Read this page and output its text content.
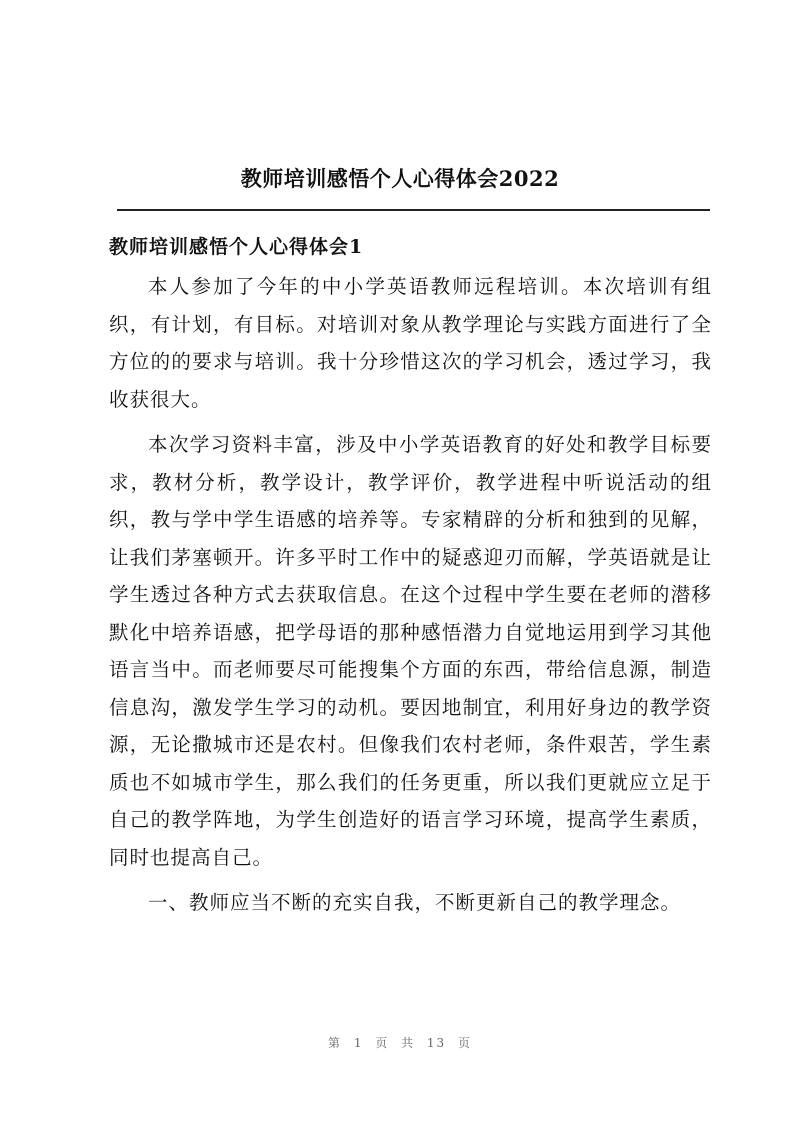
教师培训感悟个人心得体会2022
教师培训感悟个人心得体会1

本人参加了今年的中小学英语教师远程培训。本次培训有组织，有计划，有目标。对培训对象从教学理论与实践方面进行了全方位的的要求与培训。我十分珍惜这次的学习机会，透过学习，我收获很大。

本次学习资料丰富，涉及中小学英语教育的好处和教学目标要求，教材分析，教学设计，教学评价，教学进程中听说活动的组织，教与学中学生语感的培养等。专家精辟的分析和独到的见解，让我们茅塞顿开。许多平时工作中的疑惑迎刃而解，学英语就是让学生透过各种方式去获取信息。在这个过程中学生要在老师的潜移默化中培养语感，把学母语的那种感悟潜力自觉地运用到学习其他语言当中。而老师要尽可能搜集个方面的东西，带给信息源，制造信息沟，激发学生学习的动机。要因地制宜，利用好身边的教学资源，无论撒城市还是农村。但像我们农村老师，条件艰苦，学生素质也不如城市学生，那么我们的任务更重，所以我们更就应立足于自己的教学阵地，为学生创造好的语言学习环境，提高学生素质，同时也提高自己。

一、教师应当不断的充实自我，不断更新自己的教学理念。

第 1 页 共 13 页
